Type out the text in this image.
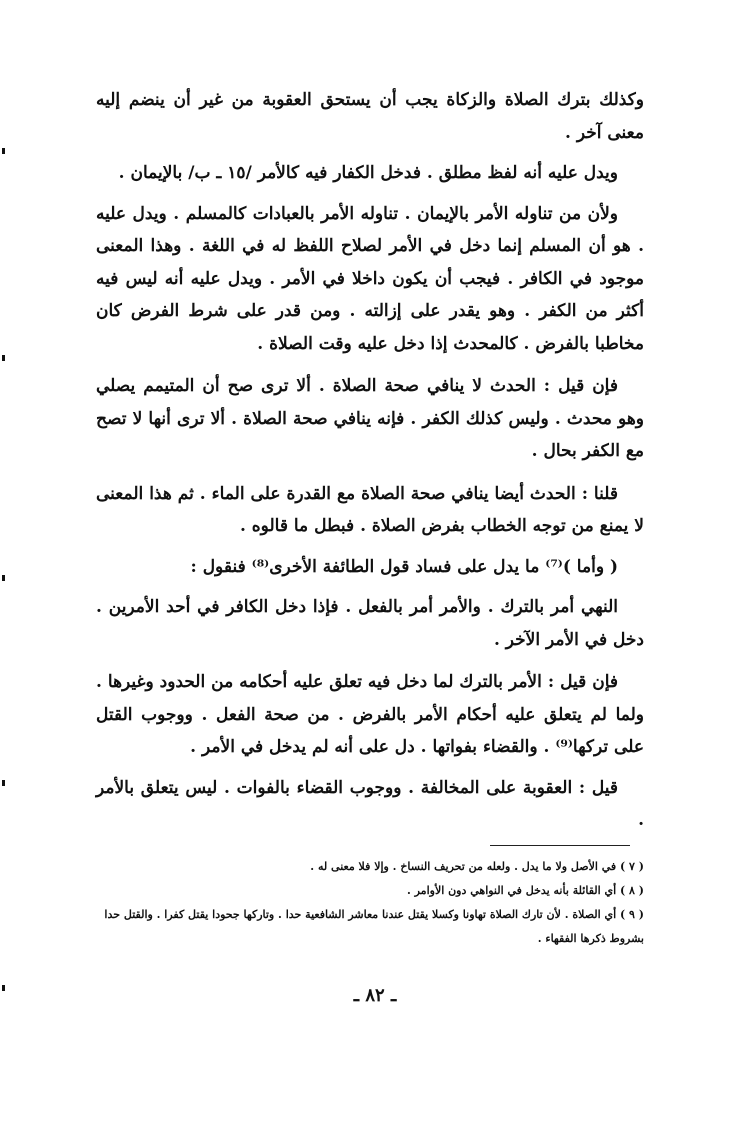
وكذلك بترك الصلاة والزكاة يجب أن يستحق العقوبة من غير أن ينضم إليه معنى آخر .

ويدل عليه أنه لفظ مطلق . فدخل الكفار فيه كالأمر /١٥ ـ ب/ بالإيمان .

ولأن من تناوله الأمر بالإيمان . تناوله الأمر بالعبادات كالمسلم . ويدل عليه . هو أن المسلم إنما دخل في الأمر لصلاح اللفظ له في اللغة . وهذا المعنى موجود في الكافر . فيجب أن يكون داخلا في الأمر . ويدل عليه أنه ليس فيه أكثر من الكفر . وهو يقدر على إزالته . ومن قدر على شرط الفرض كان مخاطبا بالفرض . كالمحدث إذا دخل عليه وقت الصلاة .

فإن قيل : الحدث لا ينافي صحة الصلاة . ألا ترى صح أن المتيمم يصلي وهو محدث . وليس كذلك الكفر . فإنه ينافي صحة الصلاة . ألا ترى أنها لا تصح مع الكفر بحال .

قلنا : الحدث أيضا ينافي صحة الصلاة مع القدرة على الماء . ثم هذا المعنى لا يمنع من توجه الخطاب بفرض الصلاة . فبطل ما قالوه .

( وأما )⁽⁷⁾ ما يدل على فساد قول الطائفة الأخرى⁽⁸⁾ فنقول :

النهي أمر بالترك . والأمر أمر بالفعل . فإذا دخل الكافر في أحد الأمرين . دخل في الأمر الآخر .

فإن قيل : الأمر بالترك لما دخل فيه تعلق عليه أحكامه من الحدود وغيرها . ولما لم يتعلق عليه أحكام الأمر بالفرض . من صحة الفعل . ووجوب القتل على تركها⁽⁹⁾ . والقضاء بفواتها . دل على أنه لم يدخل في الأمر .

قيل : العقوبة على المخالفة . ووجوب القضاء بالفوات . ليس يتعلق بالأمر .

( ٧ ) في الأصل ولا ما يدل . ولعله من تحريف النساخ . وإلا فلا معنى له .
( ٨ ) أي القائلة بأنه يدخل في النواهي دون الأوامر .
( ٩ ) أي الصلاة . لأن تارك الصلاة تهاونا وكسلا يقتل عندنا معاشر الشافعية حدا . وتاركها جحودا يقتل كفرا . والقتل حدا بشروط ذكرها الفقهاء .
ـ ٨٢ ـ
